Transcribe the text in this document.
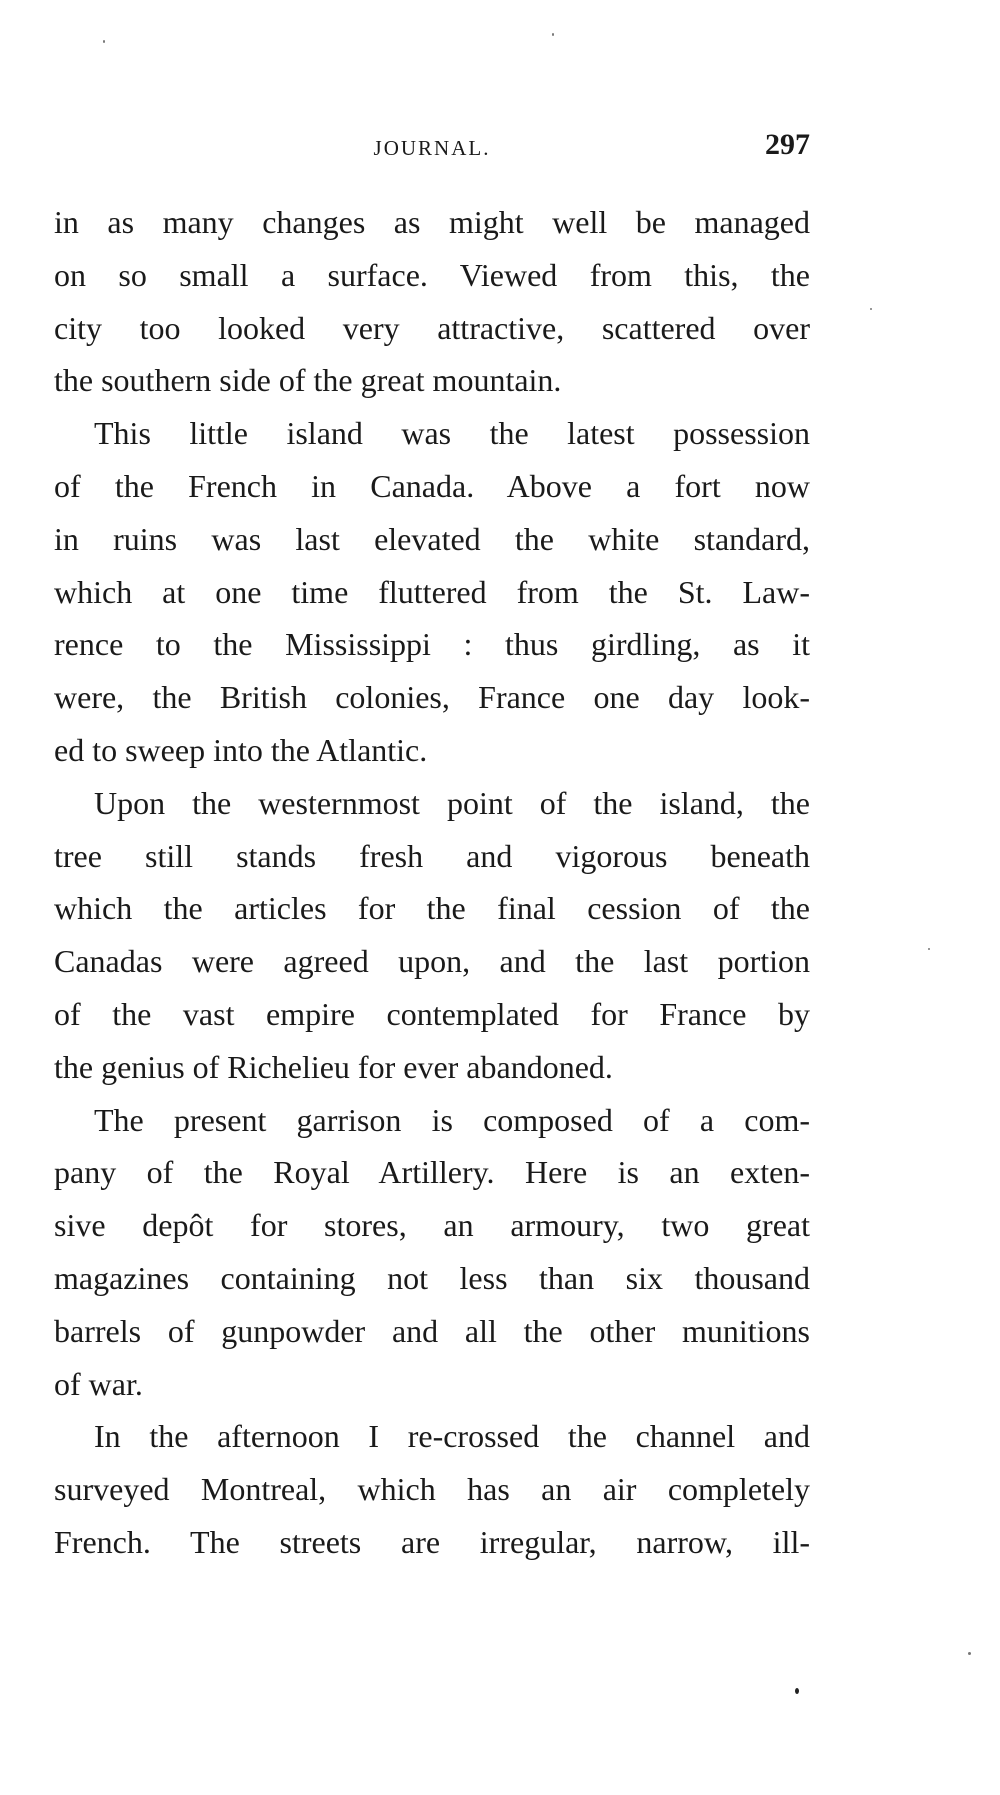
JOURNAL.	297
in as many changes as might well be managed
on so small a surface. Viewed from this, the
city too looked very attractive, scattered over
the southern side of the great mountain.
This little island was the latest possession
of the French in Canada. Above a fort now
in ruins was last elevated the white standard,
which at one time fluttered from the St. Law-
rence to the Mississippi : thus girdling, as it
were, the British colonies, France one day look-
ed to sweep into the Atlantic.
Upon the westernmost point of the island, the
tree still stands fresh and vigorous beneath
which the articles for the final cession of the
Canadas were agreed upon, and the last portion
of the vast empire contemplated for France by
the genius of Richelieu for ever abandoned.
The present garrison is composed of a com-
pany of the Royal Artillery. Here is an exten-
sive depôt for stores, an armoury, two great
magazines containing not less than six thousand
barrels of gunpowder and all the other munitions
of war.
In the afternoon I re-crossed the channel and
surveyed Montreal, which has an air completely
French. The streets are irregular, narrow, ill-
